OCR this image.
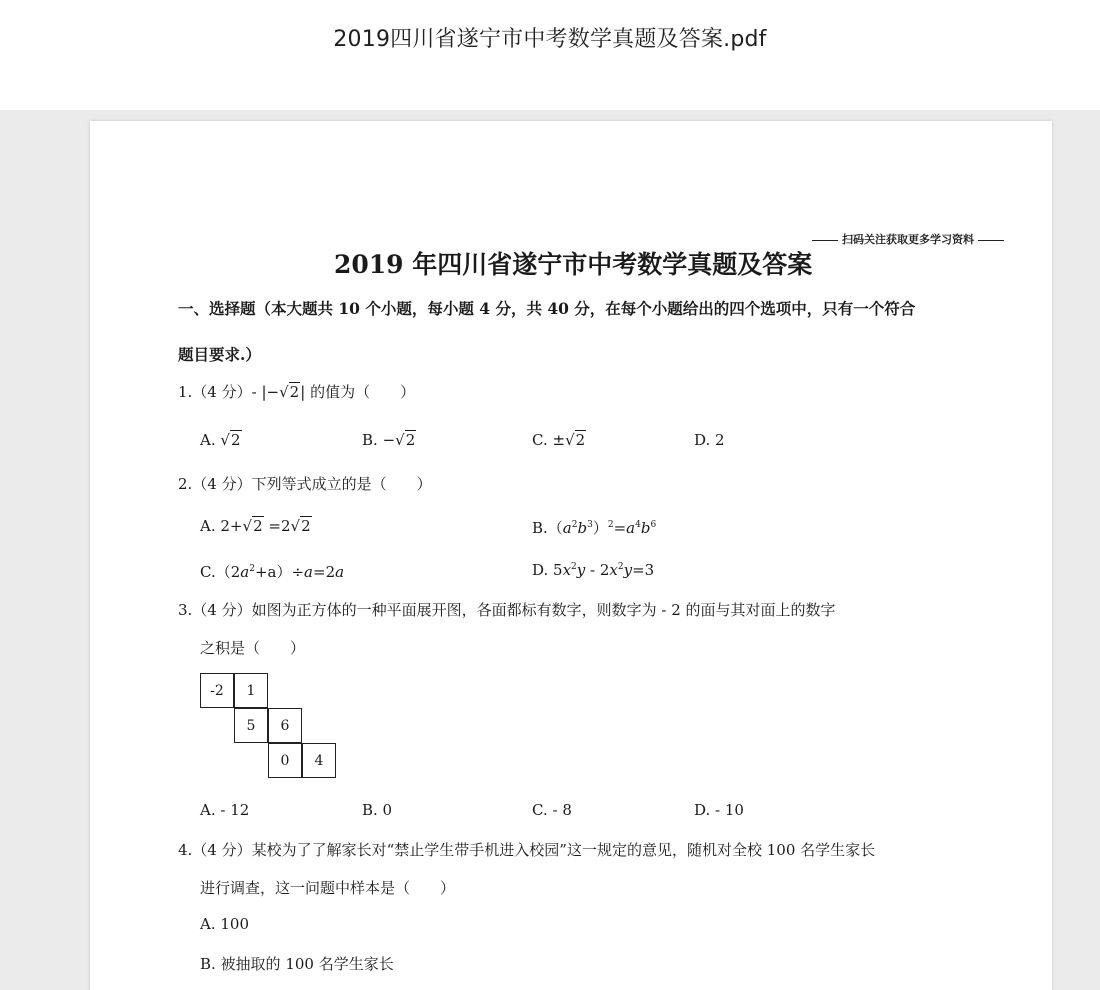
2019四川省遂宁市中考数学真题及答案.pdf
扫码关注获取更多学习资料
2019 年四川省遂宁市中考数学真题及答案
一、选择题（本大题共 10 个小题，每小题 4 分，共 40 分，在每个小题给出的四个选项中，只有一个符合
题目要求.）
1.（4 分）- |−√2| 的值为（　　）
A. √2	B. −√2	C. ±√2	D. 2
2.（4 分）下列等式成立的是（　　）
A. 2+√2 =2√2	$B.(a^2b^3)^2=a^4b^6$
$C.(2a^2+a)\div a=2a$	D. $5x^2y - 2x^2y=3$
3.（4 分）如图为正方体的一种平面展开图，各面都标有数字，则数字为 - 2 的面与其对面上的数字
之积是（　　）
-2	1
5	6
0	4
A. - 12	B. 0	C. - 8	D. - 10
4.（4 分）某校为了了解家长对“禁止学生带手机进入校园”这一规定的意见，随机对全校 100 名学生家长
进行调查，这一问题中样本是（　　）
A. 100
B. 被抽取的 100 名学生家长
